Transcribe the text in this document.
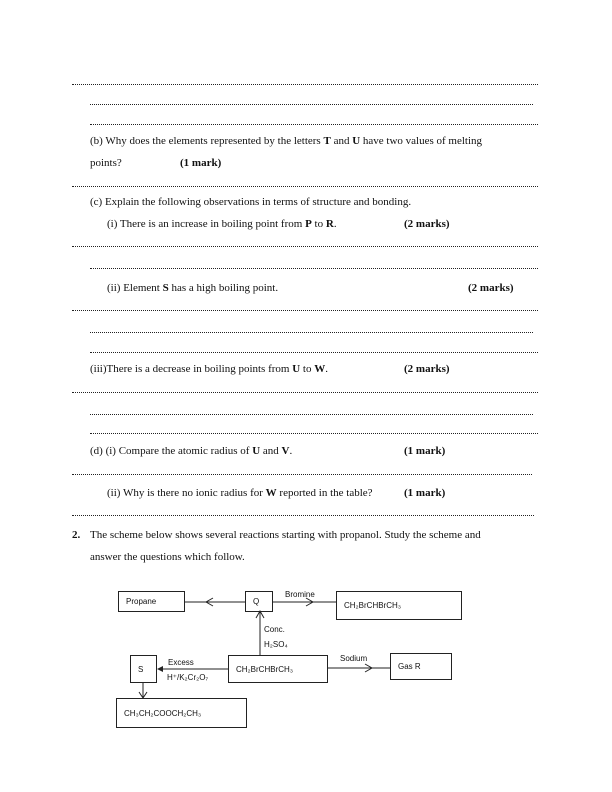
(b) Why does the elements represented by the letters T and U have two values of melting
points?	(1 mark)
(c) Explain the following observations in terms of structure and bonding.
(i) There is an increase in boiling point from P to R.	(2 marks)
(ii) Element S has a high boiling point.	(2 marks)
(iii)There is a decrease in boiling points from U to W.	(2 marks)
(d) (i) Compare the atomic radius of U and V.	(1 mark)
(ii) Why is there no ionic radius for W reported in the table?	(1 mark)
2. The scheme below shows several reactions starting with propanol. Study the scheme and
answer the questions which follow.
Propane	Q	CH₂BrCHBrCH₃
Bromine
Conc.
H₂SO₄
S
Excess
H⁺/K₂Cr₂O₇
CH₂BrCHBrCH₃
Sodium
Gas R
CH₃CH₂COOCH₂CH₃
